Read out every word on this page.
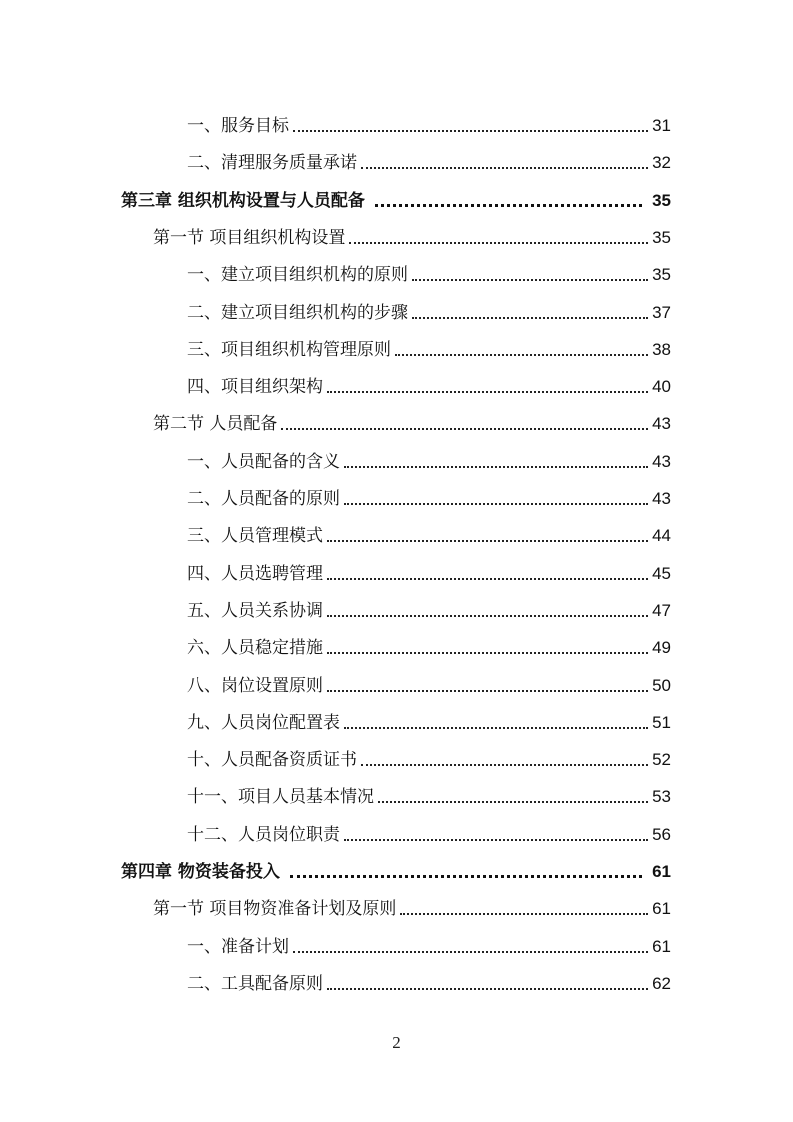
一、服务目标	31
二、清理服务质量承诺	32
第三章 组织机构设置与人员配备	35
第一节 项目组织机构设置	35
一、建立项目组织机构的原则	35
二、建立项目组织机构的步骤	37
三、项目组织机构管理原则	38
四、项目组织架构	40
第二节 人员配备	43
一、人员配备的含义	43
二、人员配备的原则	43
三、人员管理模式	44
四、人员选聘管理	45
五、人员关系协调	47
六、人员稳定措施	49
八、岗位设置原则	50
九、人员岗位配置表	51
十、人员配备资质证书	52
十一、项目人员基本情况	53
十二、人员岗位职责	56
第四章 物资装备投入	61
第一节 项目物资准备计划及原则	61
一、准备计划	61
二、工具配备原则	62
2
